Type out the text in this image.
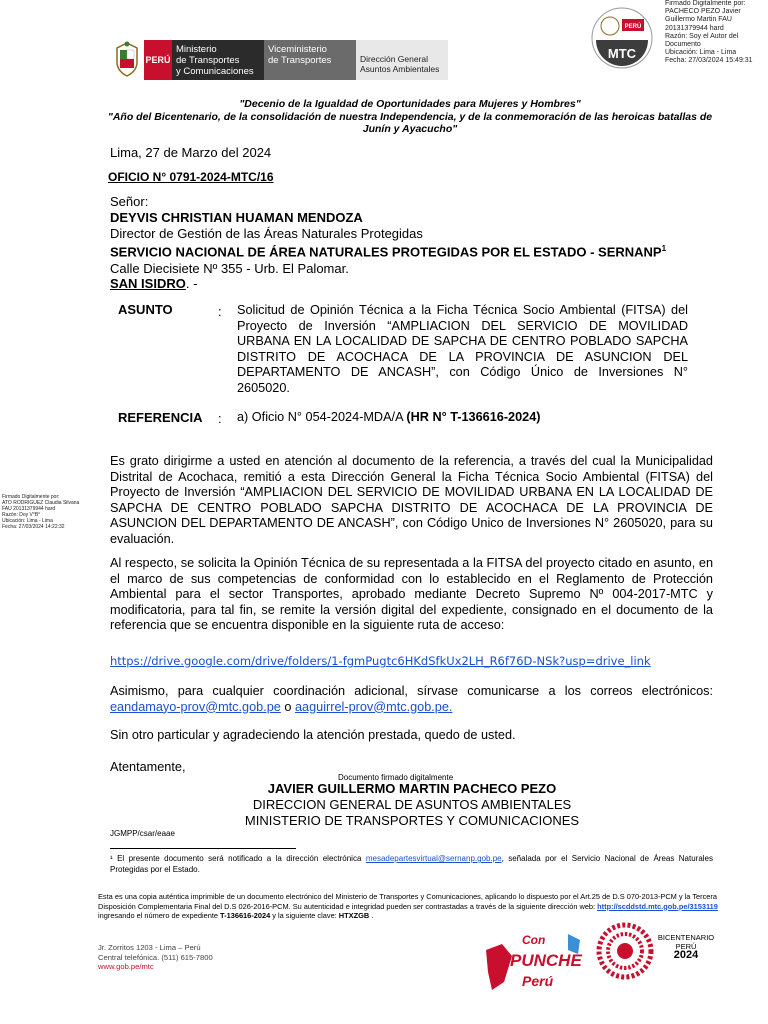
PERÚ
Ministerio
de Transportes
y Comunicaciones
Viceministerio
de Transportes	Dirección General
Asuntos Ambientales
PERÚ
MTC
Firmado Digitalmente por:
PACHECO PEZO Javier
Guillermo Martin FAU
20131379944 hard
Razón: Soy el Autor del
Documento
Ubicación: Lima - Lima
Fecha: 27/03/2024 15:49:31
"Decenio de la Igualdad de Oportunidades para Mujeres y Hombres"
"Año del Bicentenario, de la consolidación de nuestra Independencia, y de la conmemoración de las heroicas batallas de
Junín y Ayacucho"
Lima, 27 de Marzo del 2024
OFICIO N° 0791-2024-MTC/16
Señor:
DEYVIS CHRISTIAN HUAMAN MENDOZA
Director de Gestión de las Áreas Naturales Protegidas
SERVICIO NACIONAL DE ÁREA NATURALES PROTEGIDAS POR EL ESTADO - SERNANP$^1$
Calle Diecisiete Nº 355 - Urb. El Palomar.
SAN ISIDRO. -
ASUNTO	: Solicitud de Opinión Técnica a la Ficha Técnica Socio Ambiental (FITSA) del Proyecto de Inversión “AMPLIACION DEL SERVICIO DE MOVILIDAD URBANA EN LA LOCALIDAD DE SAPCHA DE CENTRO POBLADO SAPCHA DISTRITO DE ACOCHACA DE LA PROVINCIA DE ASUNCION DEL DEPARTAMENTO DE ANCASH”, con Código Único de Inversiones N° 2605020.
REFERENCIA : a) Oficio N° 054-2024-MDA/A (HR N° T-136616-2024)
Es grato dirigirme a usted en atención al documento de la referencia, a través del cual la Municipalidad Distrital de Acochaca, remitió a esta Dirección General la Ficha Técnica Socio Ambiental (FITSA) del Proyecto de Inversión “AMPLIACION DEL SERVICIO DE MOVILIDAD URBANA EN LA LOCALIDAD DE SAPCHA DE CENTRO POBLADO SAPCHA DISTRITO DE ACOCHACA DE LA PROVINCIA DE ASUNCION DEL DEPARTAMENTO DE ANCASH”, con Código Unico de Inversiones N° 2605020, para su evaluación.
Al respecto, se solicita la Opinión Técnica de su representada a la FITSA del proyecto citado en asunto, en el marco de sus competencias de conformidad con lo establecido en el Reglamento de Protección Ambiental para el sector Transportes, aprobado mediante Decreto Supremo Nº 004-2017-MTC y modificatoria, para tal fin, se remite la versión digital del expediente, consignado en el documento de la referencia que se encuentra disponible en la siguiente ruta de acceso:
https://drive.google.com/drive/folders/1-fgmPugtc6HKdSfkUx2LH_R6f76D-NSk?usp=drive_link
Asimismo, para cualquier coordinación adicional, sírvase comunicarse a los correos electrónicos: eandamayo-prov@mtc.gob.pe o aaguirrel-prov@mtc.gob.pe.
Sin otro particular y agradeciendo la atención prestada, quedo de usted.
Atentamente,
Documento firmado digitalmente
JAVIER GUILLERMO MARTIN PACHECO PEZO
DIRECCION GENERAL DE ASUNTOS AMBIENTALES
MINISTERIO DE TRANSPORTES Y COMUNICACIONES
JGMPP/csar/eaae
¹ El presente documento será notificado a la dirección electrónica mesadepartesvirtual@sernanp.gob.pe, señalada por el Servicio Nacional de Áreas Naturales Protegidas por el Estado.
Esta es una copia auténtica imprimible de un documento electrónico del Ministerio de Transportes y Comunicaciones, aplicando lo dispuesto por el Art.25 de D.S 070-2013-PCM y la Tercera Disposición Complementaria Final del D.S 026-2016-PCM. Su autenticidad e integridad pueden ser contrastadas a través de la siguiente dirección web: http://scddstd.mtc.gob.pe/3153119 ingresando el número de expediente T-136616-2024 y la siguiente clave: HTXZGB .
Jr. Zorritos 1203 - Lima – Perú
Central telefónica. (511) 615-7800
www.gob.pe/mtc
Firmado Digitalmente por:
ATO RODRIGUEZ Claudia Silvana
FAU 20131379944 hard
Razón: Doy V°B°
Ubicación: Lima - Lima
Fecha: 27/03/2024 14:22:32
Con
PUNCHE
Perú
BICENTENARIO
PERÚ
2024
